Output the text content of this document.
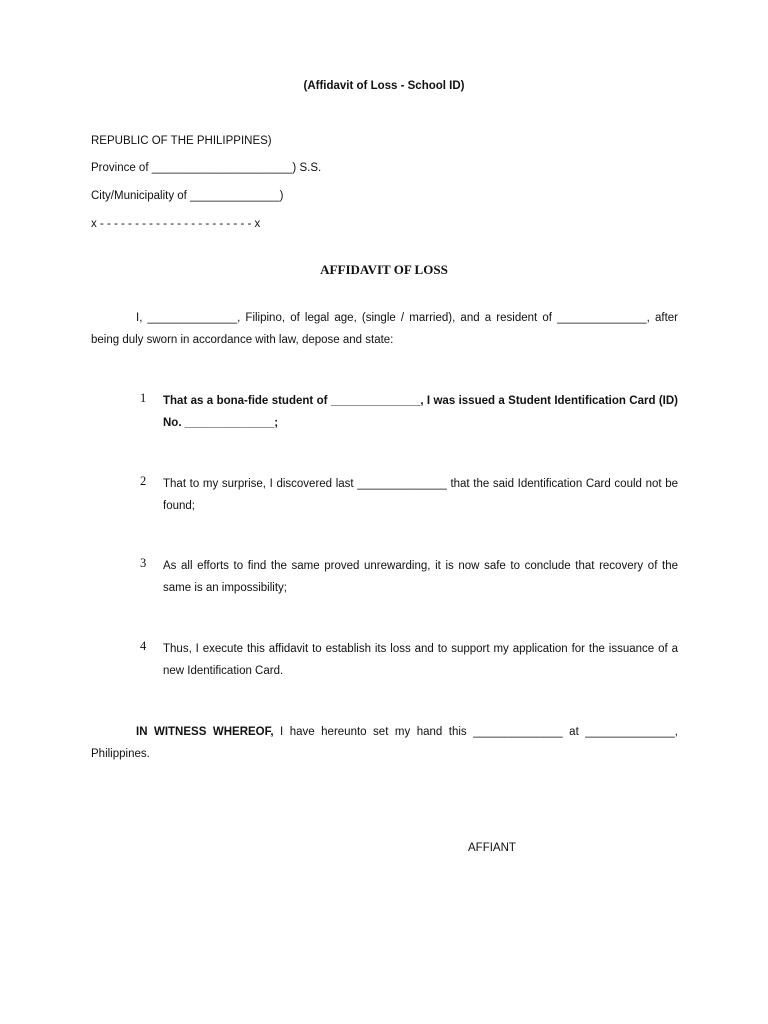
(Affidavit of Loss - School ID)
REPUBLIC OF THE PHILIPPINES)
Province of ______________________) S.S.
City/Municipality of ______________)
x - - - - - - - - - - - - - - - - - - - - - - x
AFFIDAVIT OF LOSS
I, ______________, Filipino, of legal age, (single / married), and a resident of ______________, after being duly sworn in accordance with law, depose and state:
1	That as a bona-fide student of ______________, I was issued a Student Identification Card (ID) No. ______________;
2	That to my surprise, I discovered last ______________ that the said Identification Card could not be found;
3	As all efforts to find the same proved unrewarding, it is now safe to conclude that recovery of the same is an impossibility;
4	Thus, I execute this affidavit to establish its loss and to support my application for the issuance of a new Identification Card.
IN WITNESS WHEREOF, I have hereunto set my hand this ______________ at ______________, Philippines.
AFFIANT
